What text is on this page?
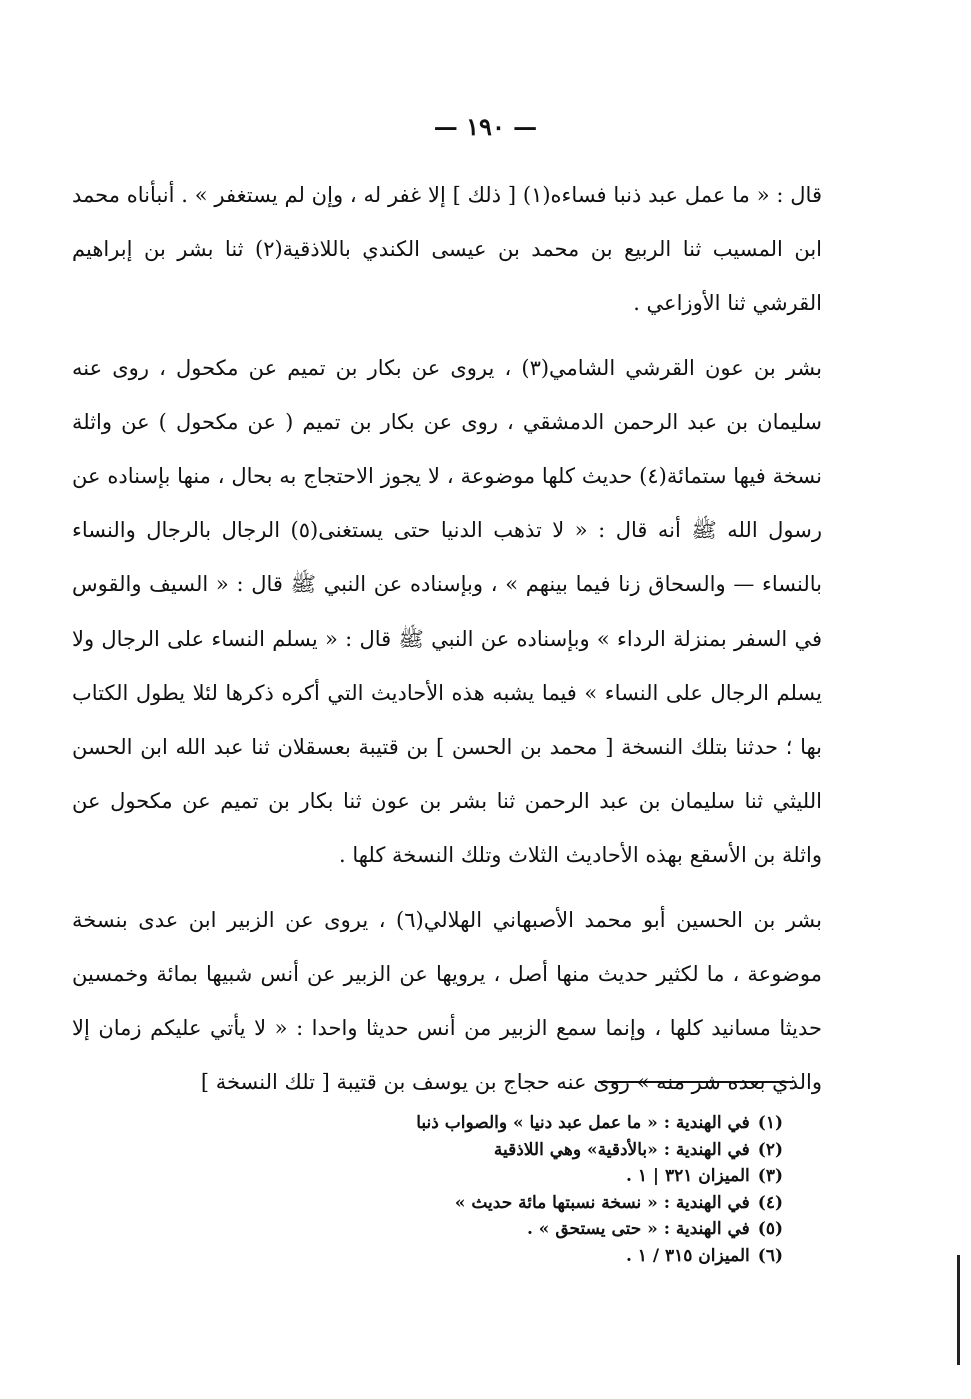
— ١٩٠ —

قال : « ما عمل عبد ذنبا فساءه(١) [ ذلك ] إلا غفر له ، وإن لم يستغفر » . أنبأناه محمد ابن المسيب ثنا الربيع بن محمد بن عيسى الكندي باللاذقية(٢) ثنا بشر بن إبراهيم القرشي ثنا الأوزاعي .

بشر بن عون القرشي الشامي(٣) ، يروى عن بكار بن تميم عن مكحول ، روى عنه سليمان بن عبد الرحمن الدمشقي ، روى عن بكار بن تميم ( عن مكحول ) عن واثلة نسخة فيها ستمائة(٤) حديث كلها موضوعة ، لا يجوز الاحتجاج به بحال ، منها بإسناده عن رسول الله ﷺ أنه قال : « لا تذهب الدنيا حتى يستغنى(٥) الرجال بالرجال والنساء بالنساء — والسحاق زنا فيما بينهم » ، وبإسناده عن النبي ﷺ قال : « السيف والقوس في السفر بمنزلة الرداء » وبإسناده عن النبي ﷺ قال : « يسلم النساء على الرجال ولا يسلم الرجال على النساء » فيما يشبه هذه الأحاديث التي أكره ذكرها لئلا يطول الكتاب بها ؛ حدثنا بتلك النسخة [ محمد بن الحسن ] بن قتيبة بعسقلان ثنا عبد الله ابن الحسن الليثي ثنا سليمان بن عبد الرحمن ثنا بشر بن عون ثنا بكار بن تميم عن مكحول عن واثلة بن الأسقع بهذه الأحاديث الثلاث وتلك النسخة كلها .

بشر بن الحسين أبو محمد الأصبهاني الهلالي(٦) ، يروى عن الزبير ابن عدى بنسخة موضوعة ، ما لكثير حديث منها أصل ، يرويها عن الزبير عن أنس شبيها بمائة وخمسين حديثا مسانيد كلها ، وإنما سمع الزبير من أنس حديثا واحدا : « لا يأتي عليكم زمان إلا والذي بعده شر منه » روى عنه حجاج بن يوسف بن قتيبة [ تلك النسخة ]

(١)في الهندية : « ما عمل عبد دنيا » والصواب ذنبا
(٢)في الهندية : «بالأدقية» وهي اللاذقية
(٣)الميزان ٣٢١ | ١ .
(٤)في الهندية : « نسخة نسبتها مائة حديث »
(٥)في الهندية : « حتى يستحق » .
(٦)الميزان ٣١٥ / ١ .
